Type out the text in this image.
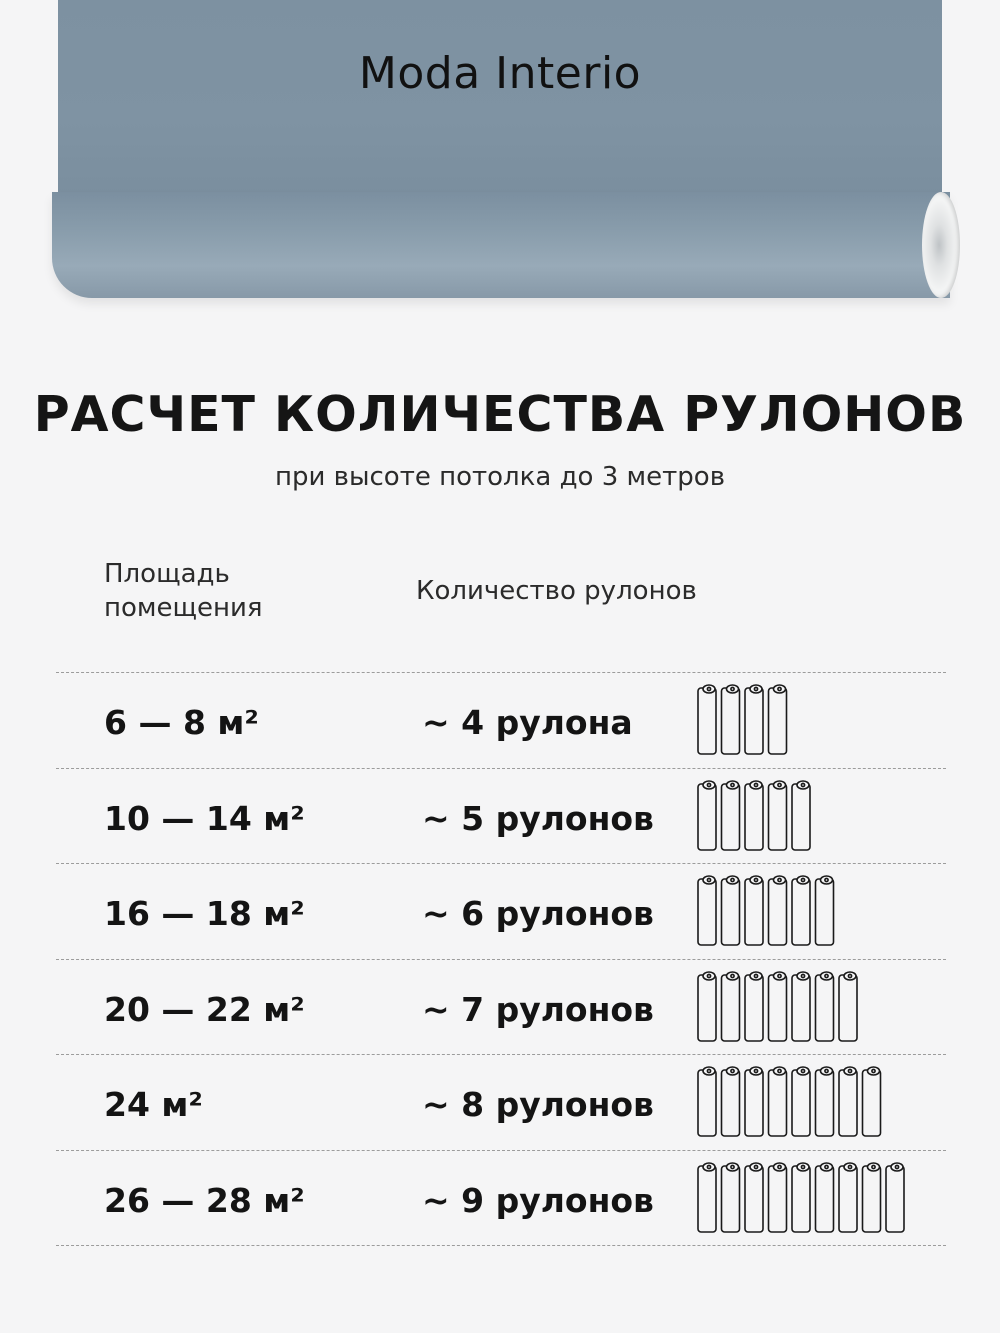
Moda Interio
РАСЧЕТ КОЛИЧЕСТВА РУЛОНОВ
при высоте потолка до 3 метров
Площадь
помещения
Количество рулонов
6 — 8 м²	~ 4 рулона
10 — 14 м²	~ 5 рулонов
16 — 18 м²	~ 6 рулонов
20 — 22 м²	~ 7 рулонов
24 м²	~ 8 рулонов
26 — 28 м²	~ 9 рулонов
